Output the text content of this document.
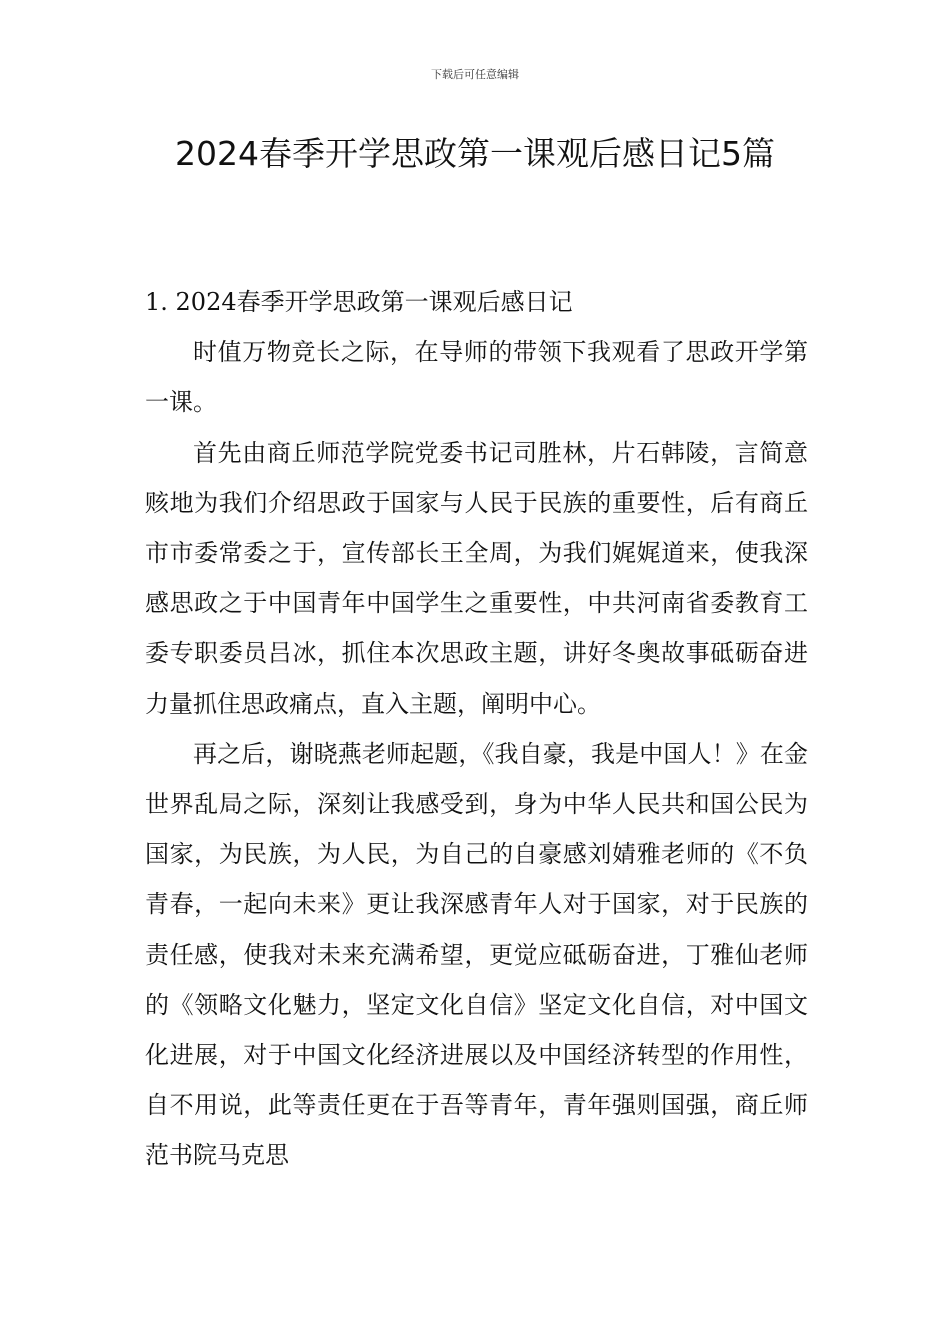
下载后可任意编辑
2024春季开学思政第一课观后感日记5篇

1. 2024春季开学思政第一课观后感日记

时值万物竞长之际，在导师的带领下我观看了思政开学第一课。

首先由商丘师范学院党委书记司胜林，片石韩陵，言简意赅地为我们介绍思政于国家与人民于民族的重要性，后有商丘市市委常委之于，宣传部长王全周，为我们娓娓道来，使我深感思政之于中国青年中国学生之重要性，中共河南省委教育工委专职委员吕冰，抓住本次思政主题，讲好冬奥故事砥砺奋进力量抓住思政痛点，直入主题，阐明中心。

再之后，谢晓燕老师起题，《我自豪，我是中国人！》在金世界乱局之际，深刻让我感受到，身为中华人民共和国公民为国家，为民族，为人民，为自己的自豪感刘婧雅老师的《不负青春，一起向未来》更让我深感青年人对于国家，对于民族的责任感，使我对未来充满希望，更觉应砥砺奋进，丁雅仙老师的《领略文化魅力，坚定文化自信》坚定文化自信，对中国文化进展，对于中国文化经济进展以及中国经济转型的作用性，自不用说，此等责任更在于吾等青年，青年强则国强，商丘师范书院马克思
